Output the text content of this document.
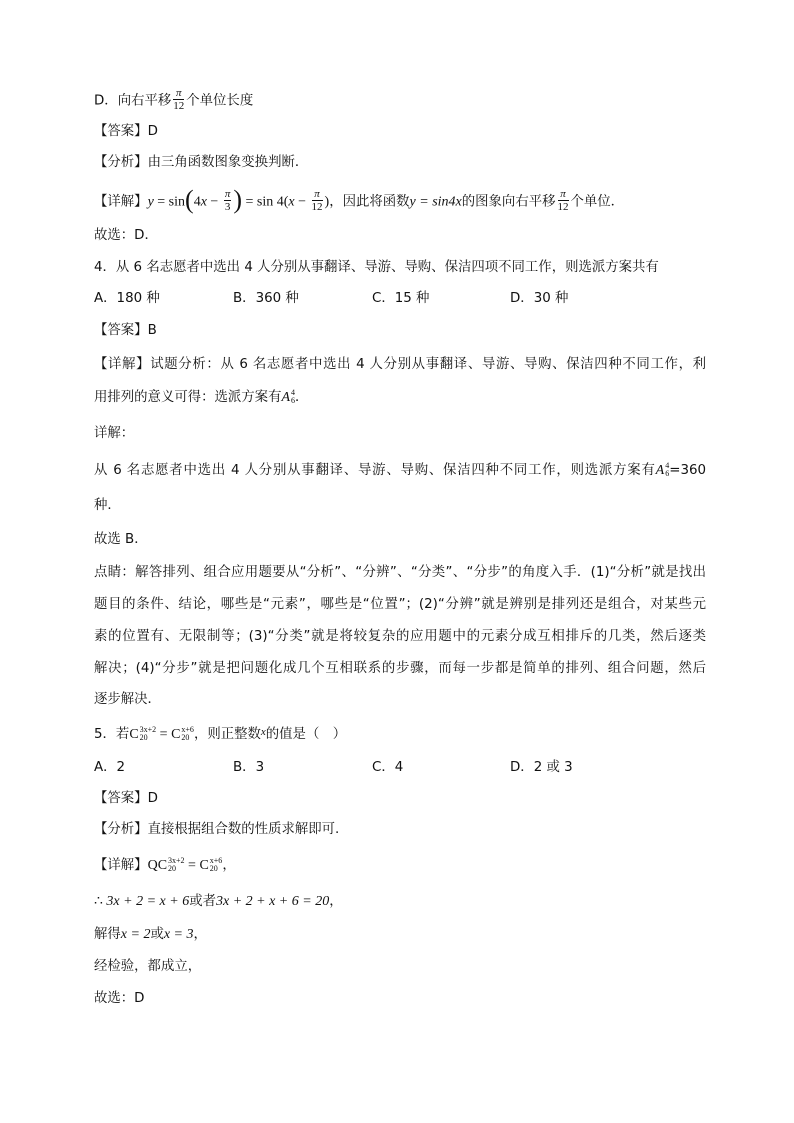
D．向右平移 $\frac{\pi}{12}$ 个单位长度
【答案】D
【分析】由三角函数图象变换判断．
【详解】$y = \sin(4x - \frac{\pi}{3}$ ) = $\sin 4(x - \frac{\pi}{12}$ )，因此将函数y = sin4x的图象向右平移 $\frac{\pi}{12}$ 个单位．
故选：D．
4．从 6 名志愿者中选出 4 人分别从事翻译、导游、导购、保洁四项不同工作，则选派方案共有
A．180 种	B．360 种	C．15 种	D．30 种
【答案】B
【详解】试题分析：从 6 名志愿者中选出 4 人分别从事翻译、导游、导购、保洁四种不同工作，利
用排列的意义可得：选派方案有A 4
6 ．
详解：
从 6 名志愿者中选出 4 人分别从事翻译、导游、导购、保洁四种不同工作，则选派方案有A 4
6 =360
种．
故选 B．
点睛：解答排列、组合应用题要从“分析”、“分辨”、“分类”、“分步”的角度入手．(1)“分析”就是找出
题目的条件、结论，哪些是“元素”，哪些是“位置”；(2)“分辨”就是辨别是排列还是组合，对某些元
素的位置有、无限制等；(3)“分类”就是将较复杂的应用题中的元素分成互相排斥的几类，然后逐类
解决；(4)“分步”就是把问题化成几个互相联系的步骤，而每一步都是简单的排列、组合问题，然后
逐步解决．
5．若C 3x+2
20 = C x+6
20 ，则正整数$^x$的值是（　）
A．2	B．3	C．4	D．2 或 3
【答案】D
【分析】直接根据组合数的性质求解即可.
【详解】QC 3x+2
20 = C x+6
20 ，
∴ 3x + 2 = x + 6或者3x + 2 + x + 6 = 20，
解得x = 2或x = 3，
经检验，都成立，
故选：D
